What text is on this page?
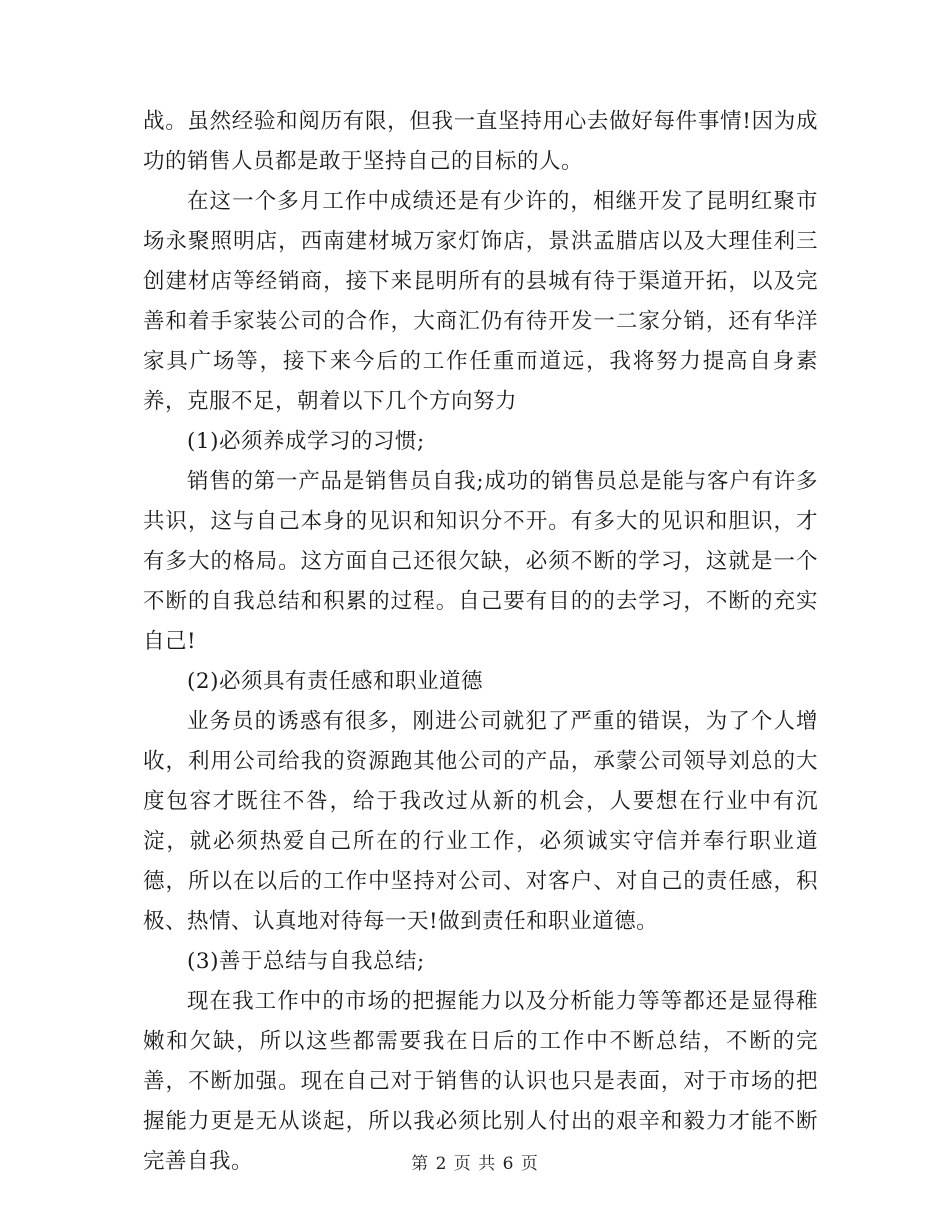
战。虽然经验和阅历有限，但我一直坚持用心去做好每件事情!因为成功的销售人员都是敢于坚持自己的目标的人。

在这一个多月工作中成绩还是有少许的，相继开发了昆明红聚市场永聚照明店，西南建材城万家灯饰店，景洪孟腊店以及大理佳利三创建材店等经销商，接下来昆明所有的县城有待于渠道开拓，以及完善和着手家装公司的合作，大商汇仍有待开发一二家分销，还有华洋家具广场等，接下来今后的工作任重而道远，我将努力提高自身素养，克服不足，朝着以下几个方向努力

(1)必须养成学习的习惯;

销售的第一产品是销售员自我;成功的销售员总是能与客户有许多共识，这与自己本身的见识和知识分不开。有多大的见识和胆识，才有多大的格局。这方面自己还很欠缺，必须不断的学习，这就是一个不断的自我总结和积累的过程。自己要有目的的去学习，不断的充实自己!

(2)必须具有责任感和职业道德

业务员的诱惑有很多，刚进公司就犯了严重的错误，为了个人增收，利用公司给我的资源跑其他公司的产品，承蒙公司领导刘总的大度包容才既往不咎，给于我改过从新的机会，人要想在行业中有沉淀，就必须热爱自己所在的行业工作，必须诚实守信并奉行职业道德，所以在以后的工作中坚持对公司、对客户、对自己的责任感，积极、热情、认真地对待每一天!做到责任和职业道德。

(3)善于总结与自我总结;

现在我工作中的市场的把握能力以及分析能力等等都还是显得稚嫩和欠缺，所以这些都需要我在日后的工作中不断总结，不断的完善，不断加强。现在自己对于销售的认识也只是表面，对于市场的把握能力更是无从谈起，所以我必须比别人付出的艰辛和毅力才能不断完善自我。	第 2 页 共 6 页
